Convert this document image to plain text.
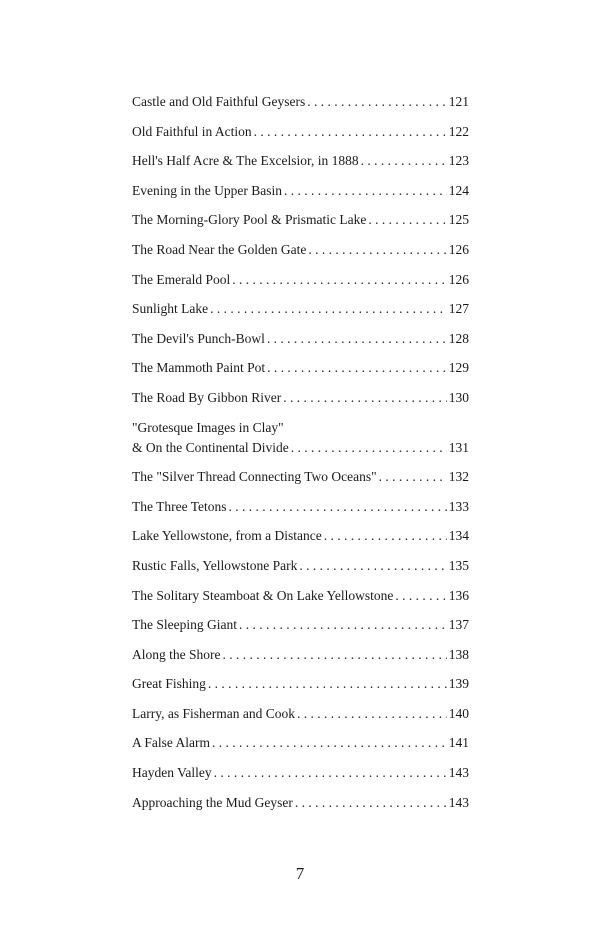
Castle and Old Faithful Geysers . . .	121
Old Faithful in Action . . .	122
Hell's Half Acre & The Excelsior, in 1888 . . .	123
Evening in the Upper Basin . . .	124
The Morning-Glory Pool & Prismatic Lake . . .	125
The Road Near the Golden Gate . . .	126
The Emerald Pool . . .	126
Sunlight Lake . . .	127
The Devil's Punch-Bowl . . .	128
The Mammoth Paint Pot . . .	129
The Road By Gibbon River . . .	130
"Grotesque Images in Clay"
& On the Continental Divide . . .	131
The "Silver Thread Connecting Two Oceans" . . .	132
The Three Tetons . . .	133
Lake Yellowstone, from a Distance . . .	134
Rustic Falls, Yellowstone Park . . .	135
The Solitary Steamboat & On Lake Yellowstone . . .	136
The Sleeping Giant . . .	137
Along the Shore . . .	138
Great Fishing . . .	139
Larry, as Fisherman and Cook . . .	140
A False Alarm . . .	141
Hayden Valley . . .	143
Approaching the Mud Geyser . . .	143
7
